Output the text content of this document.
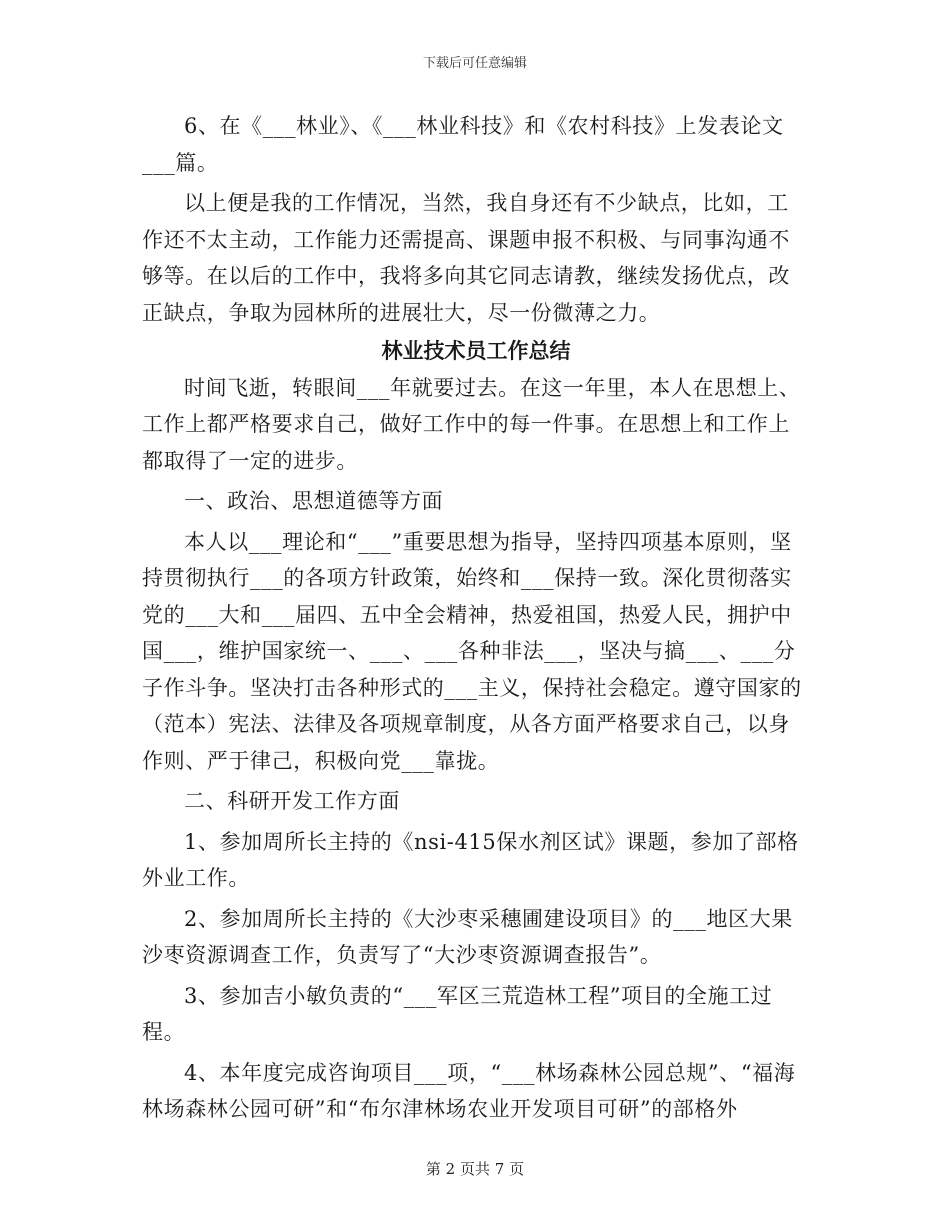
下载后可任意编辑

6、在《___林业》、《___林业科技》和《农村科技》上发表论文___篇。

以上便是我的工作情况，当然，我自身还有不少缺点，比如，工作还不太主动，工作能力还需提高、课题申报不积极、与同事沟通不够等。在以后的工作中，我将多向其它同志请教，继续发扬优点，改正缺点，争取为园林所的进展壮大，尽一份微薄之力。

林业技术员工作总结

时间飞逝，转眼间___年就要过去。在这一年里，本人在思想上、工作上都严格要求自己，做好工作中的每一件事。在思想上和工作上都取得了一定的进步。

一、政治、思想道德等方面

本人以___理论和“___”重要思想为指导，坚持四项基本原则，坚持贯彻执行___的各项方针政策，始终和___保持一致。深化贯彻落实党的___大和___届四、五中全会精神，热爱祖国，热爱人民，拥护中国___，维护国家统一、___、___各种非法___，坚决与搞___、___分子作斗争。坚决打击各种形式的___主义，保持社会稳定。遵守国家的（范本）宪法、法律及各项规章制度，从各方面严格要求自己，以身作则、严于律己，积极向党___靠拢。

二、科研开发工作方面

1、参加周所长主持的《nsi-415保水剂区试》课题，参加了部格外业工作。

2、参加周所长主持的《大沙枣采穗圃建设项目》的___地区大果沙枣资源调查工作，负责写了“大沙枣资源调查报告”。

3、参加吉小敏负责的“___军区三荒造林工程”项目的全施工过程。

4、本年度完成咨询项目___项，“___林场森林公园总规”、“福海林场森林公园可研”和“布尔津林场农业开发项目可研”的部格外

第 2 页共 7 页
